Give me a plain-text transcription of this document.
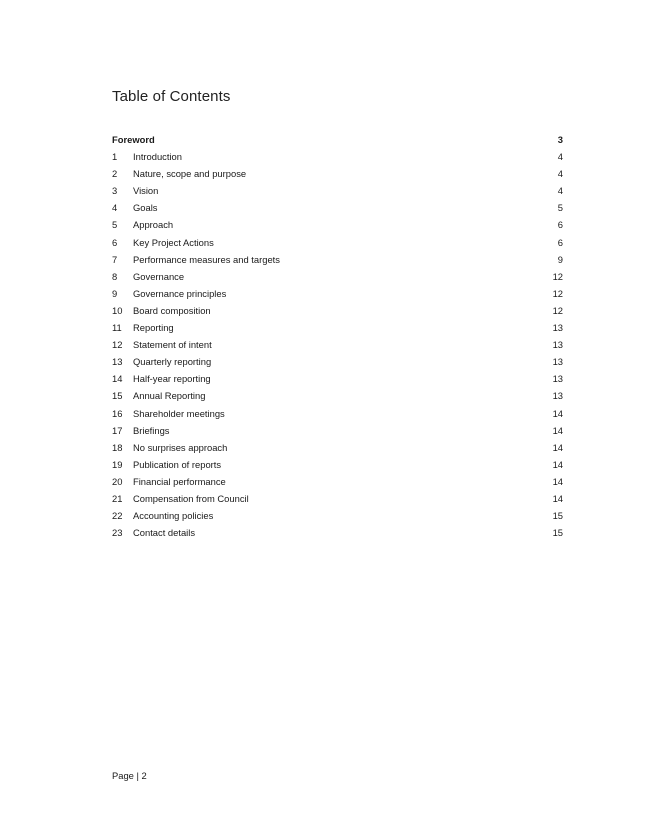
Table of Contents
Foreword	3
1 Introduction	4
2 Nature, scope and purpose	4
3 Vision	4
4 Goals	5
5 Approach	6
6 Key Project Actions	6
7 Performance measures and targets	9
8 Governance	12
9 Governance principles	12
10 Board composition	12
11 Reporting	13
12 Statement of intent	13
13 Quarterly reporting	13
14 Half-year reporting	13
15 Annual Reporting	13
16 Shareholder meetings	14
17 Briefings	14
18 No surprises approach	14
19 Publication of reports	14
20 Financial performance	14
21 Compensation from Council	14
22 Accounting policies	15
23 Contact details	15
Page | 2
